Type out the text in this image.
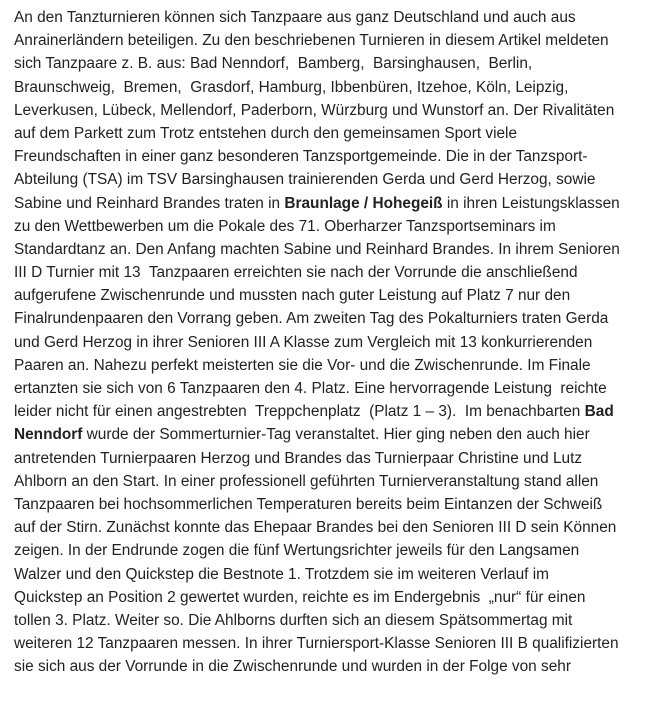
An den Tanzturnieren können sich Tanzpaare aus ganz Deutschland und auch aus
Anrainerländern beteiligen. Zu den beschriebenen Turnieren in diesem Artikel meldeten
sich Tanzpaare z. B. aus: Bad Nenndorf,  Bamberg,  Barsinghausen,  Berlin,
Braunschweig,  Bremen,  Grasdorf, Hamburg, Ibbenbüren, Itzehoe, Köln, Leipzig,
Leverkusen, Lübeck, Mellendorf, Paderborn, Würzburg und Wunstorf an. Der Rivalitäten
auf dem Parkett zum Trotz entstehen durch den gemeinsamen Sport viele
Freundschaften in einer ganz besonderen Tanzsportgemeinde. Die in der Tanzsport-
Abteilung (TSA) im TSV Barsinghausen trainierenden Gerda und Gerd Herzog, sowie
Sabine und Reinhard Brandes traten in Braunlage / Hohegeiß in ihren Leistungsklassen
zu den Wettbewerben um die Pokale des 71. Oberharzer Tanzsportseminars im
Standardtanz an. Den Anfang machten Sabine und Reinhard Brandes. In ihrem Senioren
III D Turnier mit 13  Tanzpaaren erreichten sie nach der Vorrunde die anschließend
aufgerufene Zwischenrunde und mussten nach guter Leistung auf Platz 7 nur den
Finalrundenpaaren den Vorrang geben. Am zweiten Tag des Pokalturniers traten Gerda
und Gerd Herzog in ihrer Senioren III A Klasse zum Vergleich mit 13 konkurrierenden
Paaren an. Nahezu perfekt meisterten sie die Vor- und die Zwischenrunde. Im Finale
ertanzten sie sich von 6 Tanzpaaren den 4. Platz. Eine hervorragende Leistung  reichte
leider nicht für einen angestrebten  Treppchenplatz  (Platz 1 – 3).  Im benachbarten Bad
Nenndorf wurde der Sommerturnier-Tag veranstaltet. Hier ging neben den auch hier
antretenden Turnierpaaren Herzog und Brandes das Turnierpaar Christine und Lutz
Ahlborn an den Start. In einer professionell geführten Turnierveranstaltung stand allen
Tanzpaaren bei hochsommerlichen Temperaturen bereits beim Eintanzen der Schweiß
auf der Stirn. Zunächst konnte das Ehepaar Brandes bei den Senioren III D sein Können
zeigen. In der Endrunde zogen die fünf Wertungsrichter jeweils für den Langsamen
Walzer und den Quickstep die Bestnote 1. Trotzdem sie im weiteren Verlauf im
Quickstep an Position 2 gewertet wurden, reichte es im Endergebnis  „nur“ für einen
tollen 3. Platz. Weiter so. Die Ahlborns durften sich an diesem Spätsommertag mit
weiteren 12 Tanzpaaren messen. In ihrer Turniersport-Klasse Senioren III B qualifizierten
sie sich aus der Vorrunde in die Zwischenrunde und wurden in der Folge von sehr
